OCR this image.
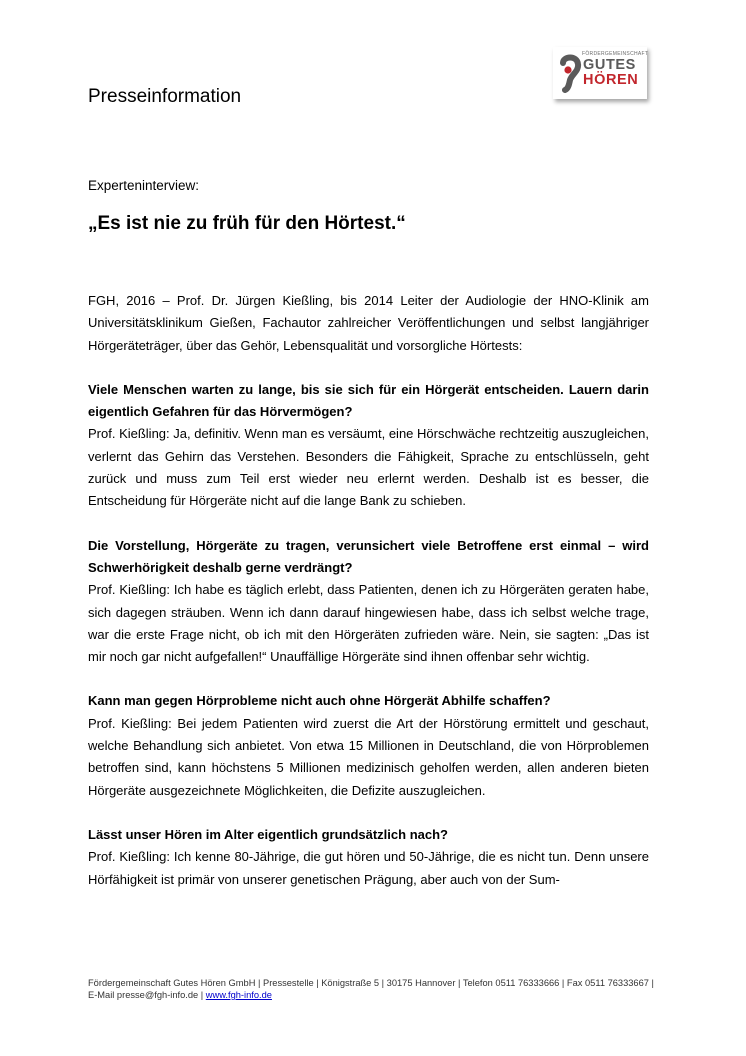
FÖRDERGEMEINSCHAFT
GUTES
HÖREN
Presseinformation
Experteninterview:
„Es ist nie zu früh für den Hörtest.“

FGH, 2016 – Prof. Dr. Jürgen Kießling, bis 2014 Leiter der Audiologie der HNO-Klinik am Universitätsklinikum Gießen, Fachautor zahlreicher Veröffentlichungen und selbst langjähriger Hörgeräteträger, über das Gehör, Lebensqualität und vorsorgliche Hörtests:

Viele Menschen warten zu lange, bis sie sich für ein Hörgerät entscheiden. Lauern darin eigentlich Gefahren für das Hörvermögen?

Prof. Kießling: Ja, definitiv. Wenn man es versäumt, eine Hörschwäche rechtzeitig auszugleichen, verlernt das Gehirn das Verstehen. Besonders die Fähigkeit, Sprache zu entschlüsseln, geht zurück und muss zum Teil erst wieder neu erlernt werden. Deshalb ist es besser, die Entscheidung für Hörgeräte nicht auf die lange Bank zu schieben.

Die Vorstellung, Hörgeräte zu tragen, verunsichert viele Betroffene erst einmal – wird Schwerhörigkeit deshalb gerne verdrängt?

Prof. Kießling: Ich habe es täglich erlebt, dass Patienten, denen ich zu Hörgeräten geraten habe, sich dagegen sträuben. Wenn ich dann darauf hingewiesen habe, dass ich selbst welche trage, war die erste Frage nicht, ob ich mit den Hörgeräten zufrieden wäre. Nein, sie sagten: „Das ist mir noch gar nicht aufgefallen!“ Unauffällige Hörgeräte sind ihnen offenbar sehr wichtig.

Kann man gegen Hörprobleme nicht auch ohne Hörgerät Abhilfe schaffen?

Prof. Kießling: Bei jedem Patienten wird zuerst die Art der Hörstörung ermittelt und geschaut, welche Behandlung sich anbietet. Von etwa 15 Millionen in Deutschland, die von Hörproblemen betroffen sind, kann höchstens 5 Millionen medizinisch geholfen werden, allen anderen bieten Hörgeräte ausgezeichnete Möglichkeiten, die Defizite auszugleichen.

Lässt unser Hören im Alter eigentlich grundsätzlich nach?

Prof. Kießling: Ich kenne 80-Jährige, die gut hören und 50-Jährige, die es nicht tun. Denn unsere Hörfähigkeit ist primär von unserer genetischen Prägung, aber auch von der Sum-

Fördergemeinschaft Gutes Hören GmbH | Pressestelle | Königstraße 5 | 30175 Hannover | Telefon 0511 76333666 | Fax 0511 76333667 | E-Mail presse@fgh-info.de | www.fgh-info.de
